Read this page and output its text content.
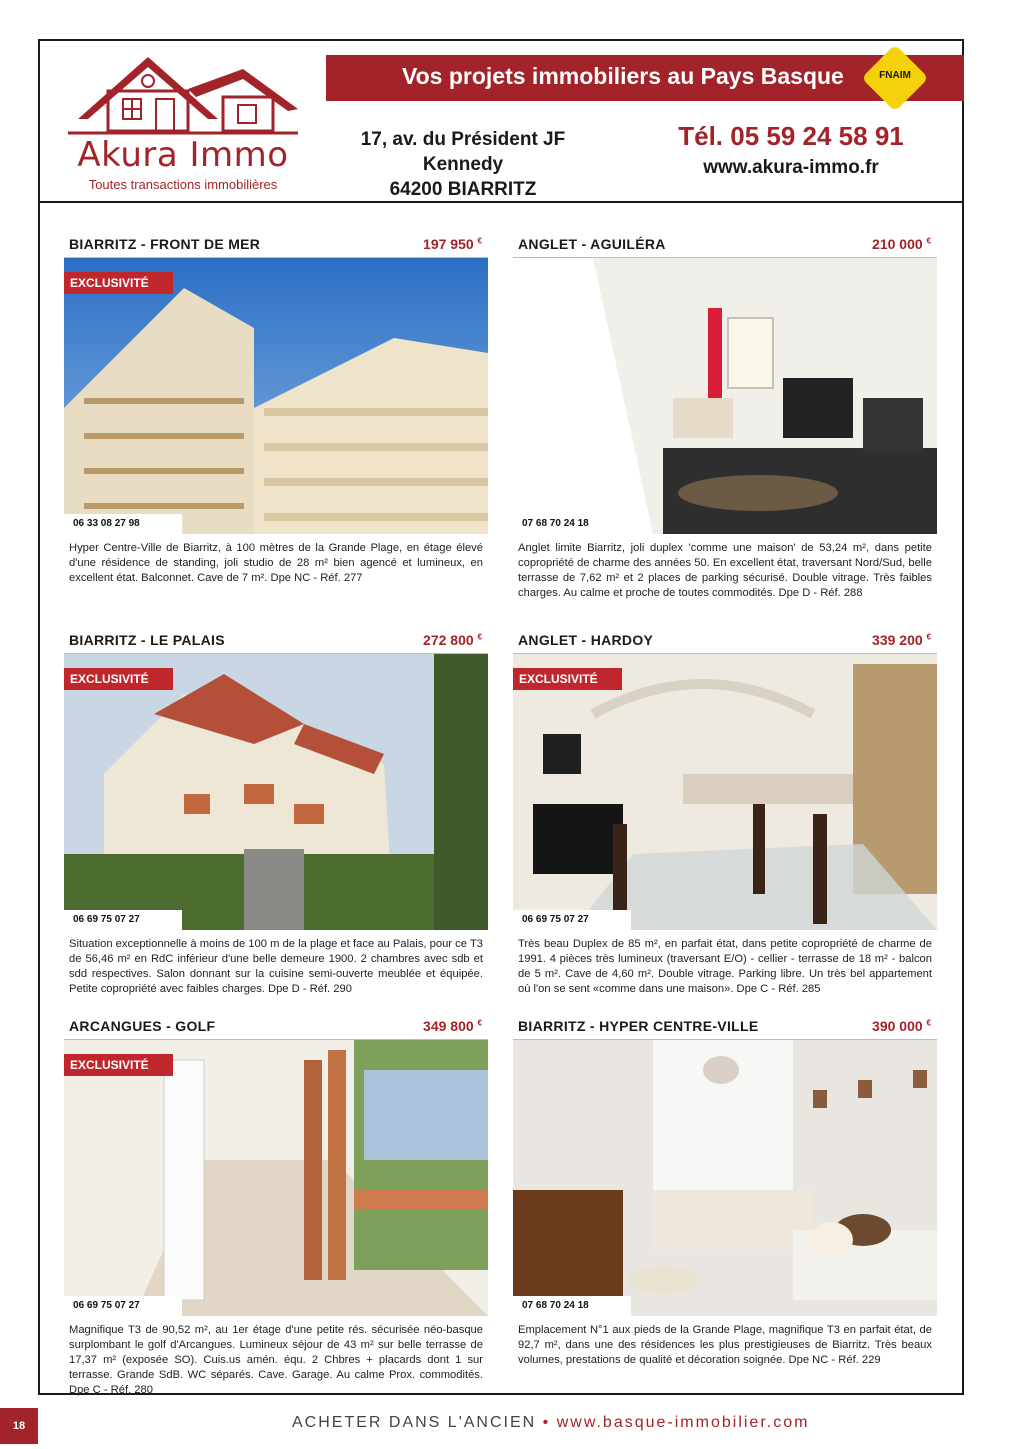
Akura Immo
Toutes transactions immobilières
Vos projets immobiliers au Pays Basque	FNAIM
17, av. du Président JF Kennedy
64200 BIARRITZ
Tél. 05 59 24 58 91
www.akura-immo.fr
BIARRITZ - FRONT DE MER	197 950 €
EXCLUSIVITÉ
06 33 08 27 98
Hyper Centre-Ville de Biarritz, à 100 mètres de la Grande Plage, en étage élevé d'une résidence de standing, joli studio de 28 m² bien agencé et lumineux, en excellent état. Balconnet. Cave de 7 m². Dpe NC - Réf. 277
ANGLET - AGUILÉRA	210 000 €
07 68 70 24 18
Anglet limite Biarritz, joli duplex 'comme une maison' de 53,24 m², dans petite copropriété de charme des années 50. En excellent état, traversant Nord/Sud, belle terrasse de 7,62 m² et 2 places de parking sécurisé. Double vitrage. Très faibles charges. Au calme et proche de toutes commodités. Dpe D - Réf. 288
BIARRITZ - LE PALAIS	272 800 €
EXCLUSIVITÉ
06 69 75 07 27
Situation exceptionnelle à moins de 100 m de la plage et face au Palais, pour ce T3 de 56,46 m² en RdC inférieur d'une belle demeure 1900. 2 chambres avec sdb et sdd respectives. Salon donnant sur la cuisine semi-ouverte meublée et équipée. Petite copropriété avec faibles charges. Dpe D - Réf. 290
ANGLET - HARDOY	339 200 €
EXCLUSIVITÉ
06 69 75 07 27
Très beau Duplex de 85 m², en parfait état, dans petite copropriété de charme de 1991. 4 pièces très lumineux (traversant E/O) - cellier - terrasse de 18 m² - balcon de 5 m². Cave de 4,60 m². Double vitrage. Parking libre. Un très bel appartement où l'on se sent «comme dans une maison». Dpe C - Réf. 285
ARCANGUES - GOLF	349 800 €
EXCLUSIVITÉ
06 69 75 07 27
Magnifique T3 de 90,52 m², au 1er étage d'une petite rés. sécurisée néo-basque surplombant le golf d'Arcangues. Lumineux séjour de 43 m² sur belle terrasse de 17,37 m² (exposée SO). Cuis.us amén. équ. 2 Chbres + placards dont 1 sur terrasse. Grande SdB. WC séparés. Cave. Garage. Au calme Prox. commodités. Dpe C - Réf. 280
BIARRITZ - HYPER CENTRE-VILLE	390 000 €
07 68 70 24 18
Emplacement N°1 aux pieds de la Grande Plage, magnifique T3 en parfait état, de 92,7 m², dans une des résidences les plus prestigieuses de Biarritz. Très beaux volumes, prestations de qualité et décoration soignée. Dpe NC - Réf. 229
18	ACHETER DANS L'ANCIEN • www.basque-immobilier.com
